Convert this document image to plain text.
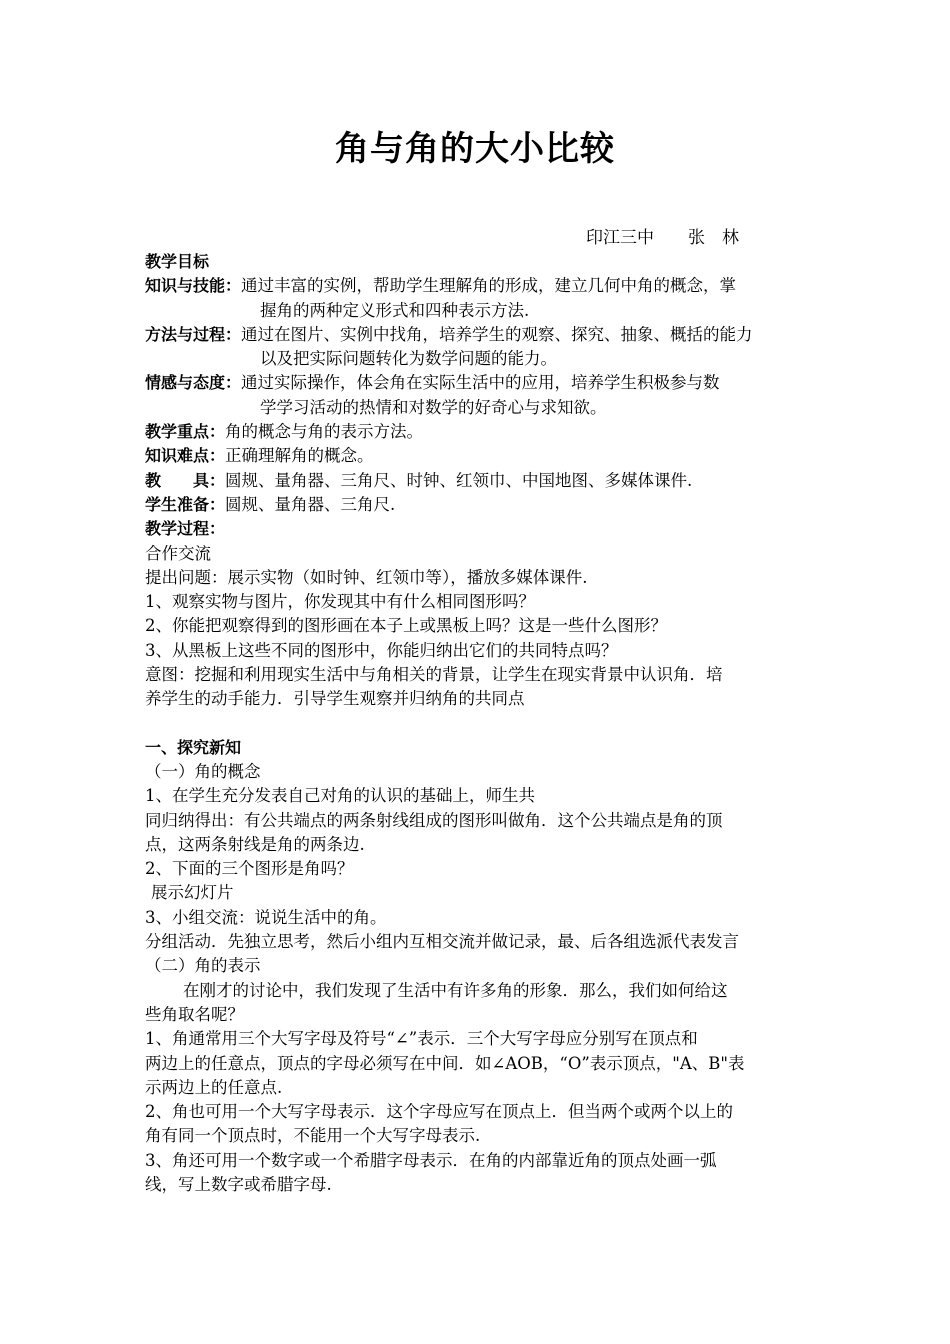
角与角的大小比较
印江三中　　张　林
教学目标
知识与技能：通过丰富的实例，帮助学生理解角的形成，建立几何中角的概念，掌
握角的两种定义形式和四种表示方法.
方法与过程：通过在图片、实例中找角，培养学生的观察、探究、抽象、概括的能力
以及把实际问题转化为数学问题的能力。
情感与态度：通过实际操作，体会角在实际生活中的应用，培养学生积极参与数
学学习活动的热情和对数学的好奇心与求知欲。
教学重点：角的概念与角的表示方法。
知识难点：正确理解角的概念。
教　　具：圆规、量角器、三角尺、时钟、红领巾、中国地图、多媒体课件.
学生准备：圆规、量角器、三角尺.
教学过程：
合作交流
提出问题：展示实物（如时钟、红领巾等），播放多媒体课件.
1、观察实物与图片，你发现其中有什么相同图形吗？
2、你能把观察得到的图形画在本子上或黑板上吗？这是一些什么图形？
3、从黑板上这些不同的图形中，你能归纳出它们的共同特点吗？
意图：挖掘和利用现实生活中与角相关的背景，让学生在现实背景中认识角．培
养学生的动手能力．引导学生观察并归纳角的共同点
一、探究新知
（一）角的概念
1、在学生充分发表自己对角的认识的基础上，师生共
同归纳得出：有公共端点的两条射线组成的图形叫做角．这个公共端点是角的顶
点，这两条射线是角的两条边.
2、下面的三个图形是角吗？
展示幻灯片
3、小组交流：说说生活中的角。
分组活动．先独立思考，然后小组内互相交流并做记录，最、后各组选派代表发言
（二）角的表示
在刚才的讨论中，我们发现了生活中有许多角的形象．那么，我们如何给这
些角取名呢？
1、角通常用三个大写字母及符号“∠”表示．三个大写字母应分别写在顶点和
两边上的任意点，顶点的字母必须写在中间．如∠AOB，“O”表示顶点，"A、B"表
示两边上的任意点.
2、角也可用一个大写字母表示．这个字母应写在顶点上．但当两个或两个以上的
角有同一个顶点时，不能用一个大写字母表示.
3、角还可用一个数字或一个希腊字母表示．在角的内部靠近角的顶点处画一弧
线，写上数字或希腊字母.
